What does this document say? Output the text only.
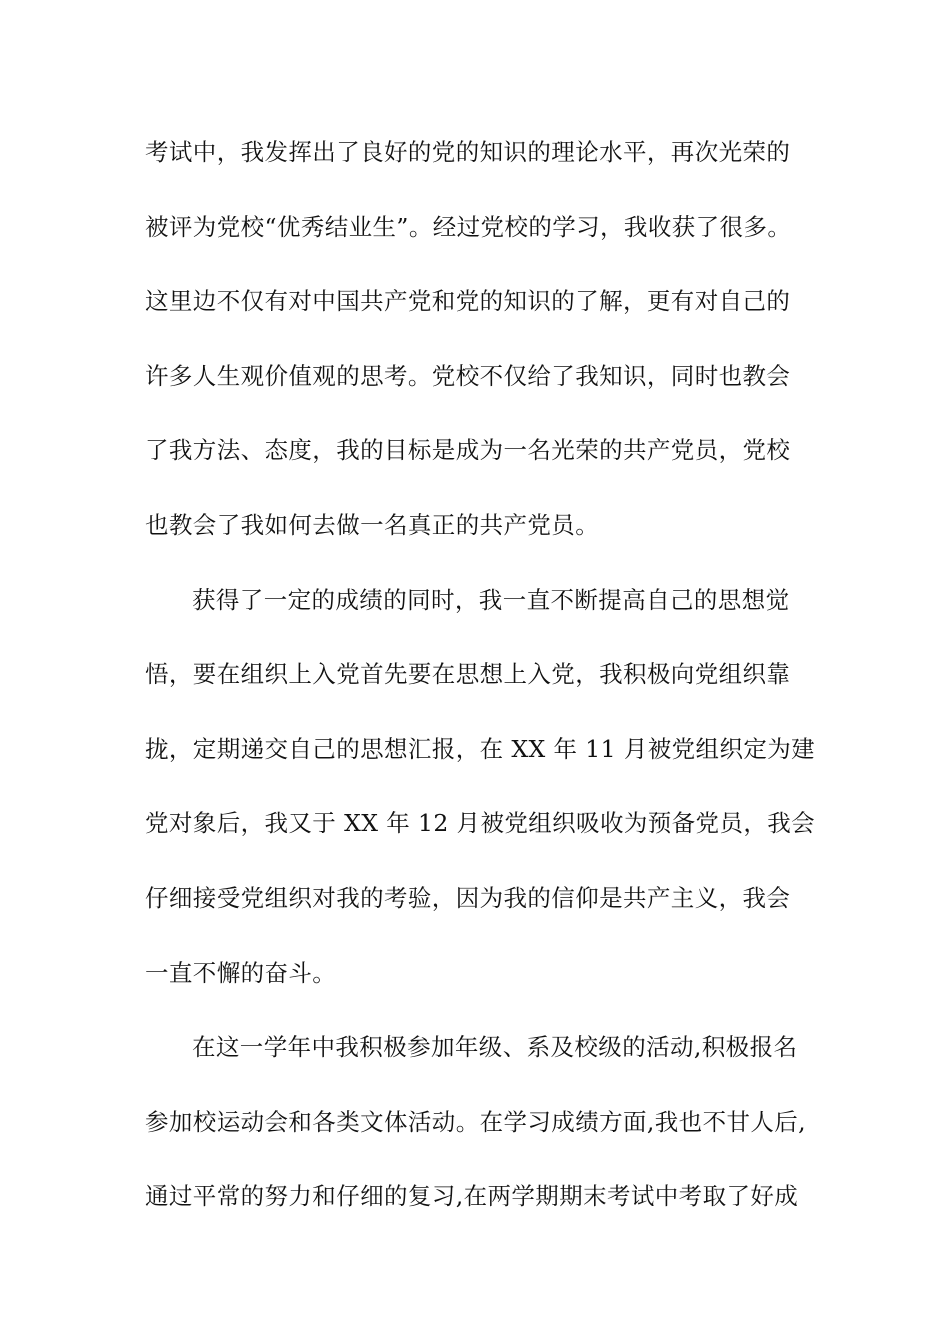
考试中，我发挥出了良好的党的知识的理论水平，再次光荣的
被评为党校“优秀结业生”。经过党校的学习，我收获了很多。
这里边不仅有对中国共产党和党的知识的了解，更有对自己的
许多人生观价值观的思考。党校不仅给了我知识，同时也教会
了我方法、态度，我的目标是成为一名光荣的共产党员，党校
也教会了我如何去做一名真正的共产党员。
获得了一定的成绩的同时，我一直不断提高自己的思想觉
悟，要在组织上入党首先要在思想上入党，我积极向党组织靠
拢，定期递交自己的思想汇报，在 XX 年 11 月被党组织定为建
党对象后，我又于 XX 年 12 月被党组织吸收为预备党员，我会
仔细接受党组织对我的考验，因为我的信仰是共产主义，我会
一直不懈的奋斗。
在这一学年中我积极参加年级、系及校级的活动,积极报名
参加校运动会和各类文体活动。在学习成绩方面,我也不甘人后,
通过平常的努力和仔细的复习,在两学期期末考试中考取了好成
